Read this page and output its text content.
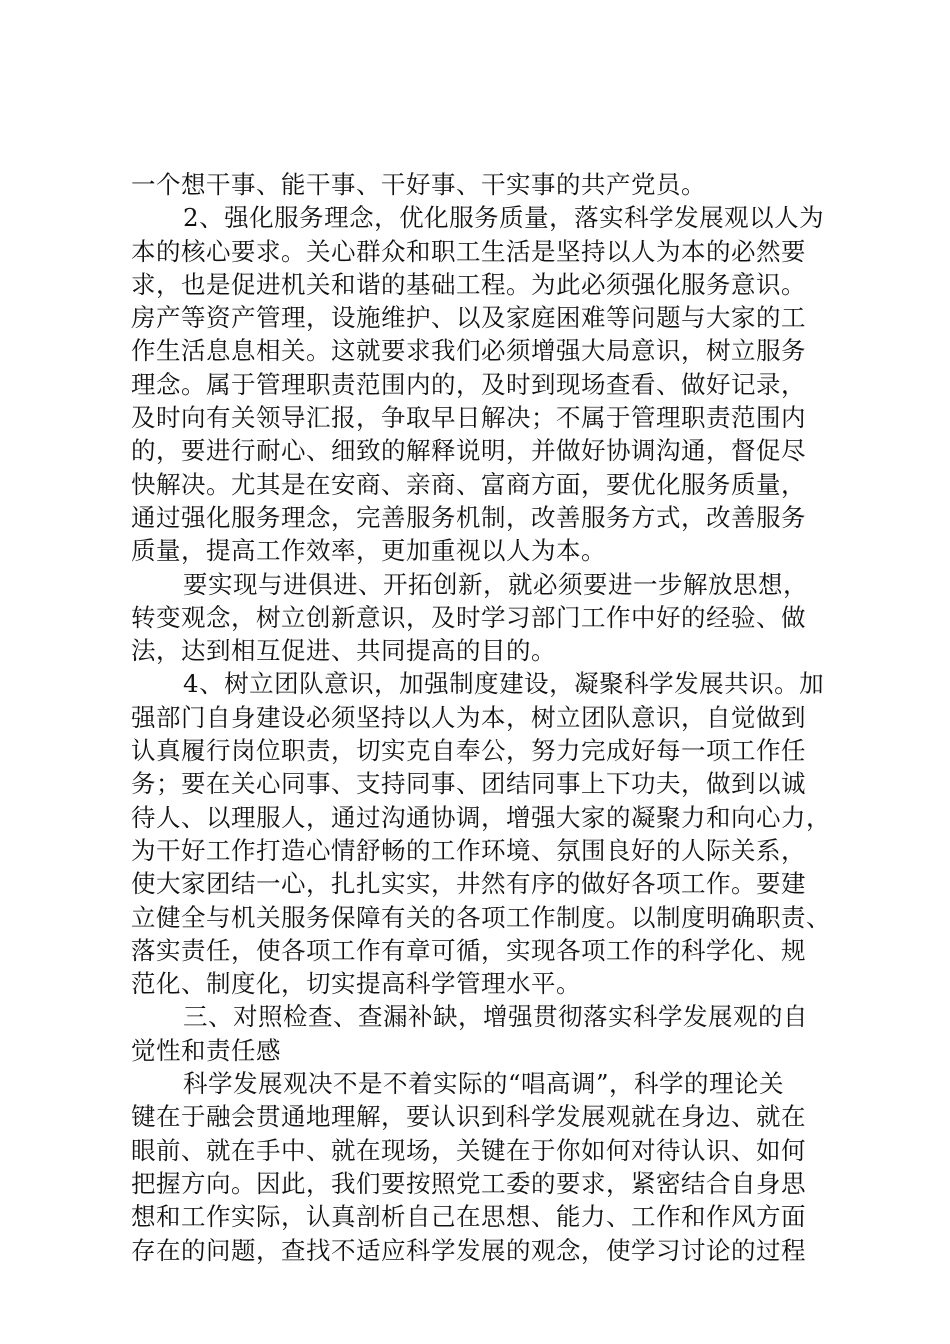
一个想干事、能干事、干好事、干实事的共产党员。
2、强化服务理念，优化服务质量，落实科学发展观以人为
本的核心要求。关心群众和职工生活是坚持以人为本的必然要
求，也是促进机关和谐的基础工程。为此必须强化服务意识。
房产等资产管理，设施维护、以及家庭困难等问题与大家的工
作生活息息相关。这就要求我们必须增强大局意识，树立服务
理念。属于管理职责范围内的，及时到现场查看、做好记录，
及时向有关领导汇报，争取早日解决；不属于管理职责范围内
的，要进行耐心、细致的解释说明，并做好协调沟通，督促尽
快解决。尤其是在安商、亲商、富商方面，要优化服务质量，
通过强化服务理念，完善服务机制，改善服务方式，改善服务
质量，提高工作效率，更加重视以人为本。
要实现与进俱进、开拓创新，就必须要进一步解放思想，
转变观念，树立创新意识，及时学习部门工作中好的经验、做
法，达到相互促进、共同提高的目的。
4、树立团队意识，加强制度建设，凝聚科学发展共识。加
强部门自身建设必须坚持以人为本，树立团队意识，自觉做到
认真履行岗位职责，切实克自奉公，努力完成好每一项工作任
务；要在关心同事、支持同事、团结同事上下功夫，做到以诚
待人、以理服人，通过沟通协调，增强大家的凝聚力和向心力，
为干好工作打造心情舒畅的工作环境、氛围良好的人际关系，
使大家团结一心，扎扎实实，井然有序的做好各项工作。要建
立健全与机关服务保障有关的各项工作制度。以制度明确职责、
落实责任，使各项工作有章可循，实现各项工作的科学化、规
范化、制度化，切实提高科学管理水平。
三、对照检查、查漏补缺，增强贯彻落实科学发展观的自
觉性和责任感
科学发展观决不是不着实际的“唱高调”，科学的理论关
键在于融会贯通地理解，要认识到科学发展观就在身边、就在
眼前、就在手中、就在现场，关键在于你如何对待认识、如何
把握方向。因此，我们要按照党工委的要求，紧密结合自身思
想和工作实际，认真剖析自己在思想、能力、工作和作风方面
存在的问题，查找不适应科学发展的观念，使学习讨论的过程
